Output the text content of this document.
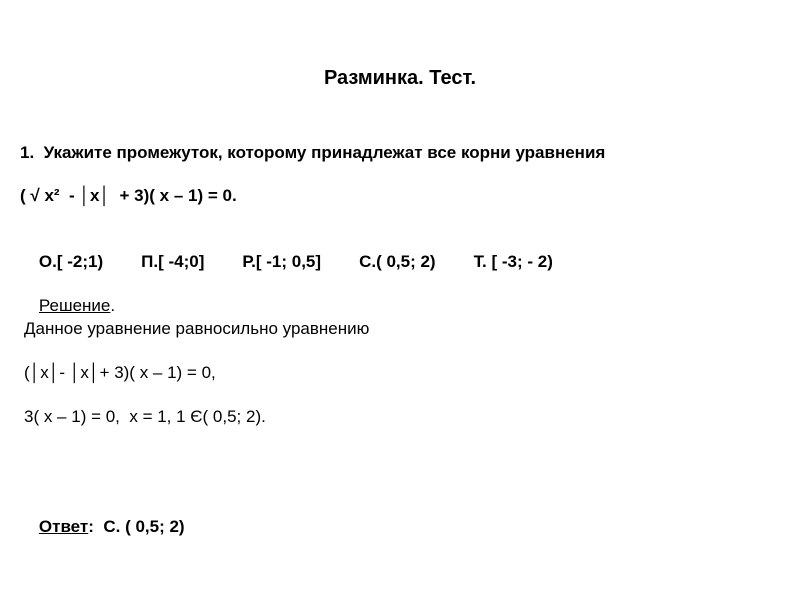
Разминка. Тест.
1.  Укажите промежуток, которому принадлежат все корни уравнения
( √ x²  - │x│  + 3)( x – 1) = 0.

О.[ -2;1) П.[ -4;0] Р.[ -1; 0,5] С.( 0,5; 2) Т. [ -3; - 2)

Решение.

Данное уравнение равносильно уравнению
(│x│- │x│+ 3)( x – 1) = 0,
3( x – 1) = 0,  x = 1, 1 Є( 0,5; 2).

Ответ:  С. ( 0,5; 2)
